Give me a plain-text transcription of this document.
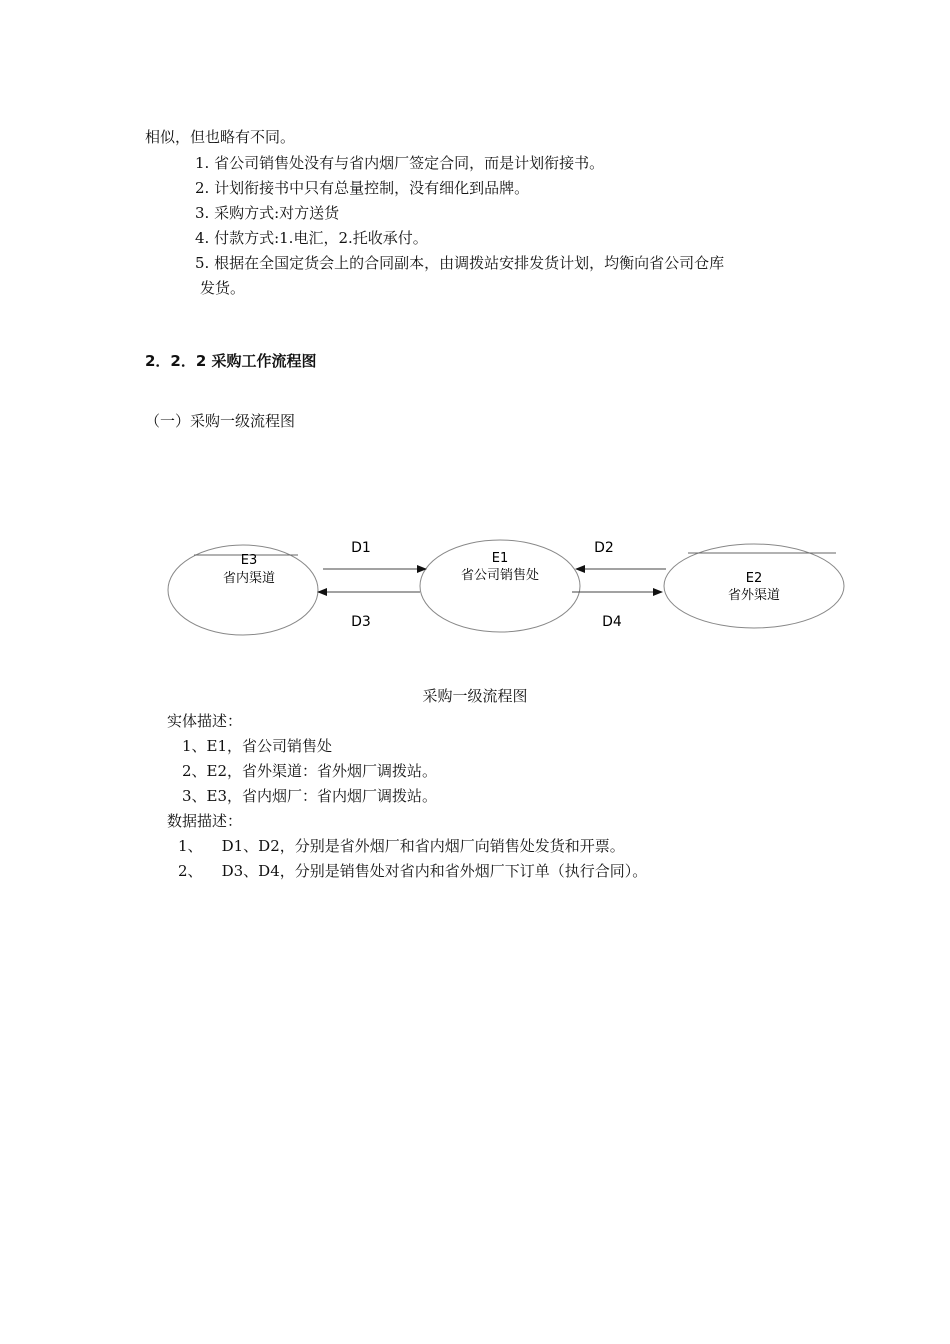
相似，但也略有不同。
1. 省公司销售处没有与省内烟厂签定合同，而是计划衔接书。
2. 计划衔接书中只有总量控制，没有细化到品牌。
3. 采购方式:对方送货
4. 付款方式:1.电汇，2.托收承付。
5. 根据在全国定货会上的合同副本，由调拨站安排发货计划，均衡向省公司仓库
发货。
2．2．2 采购工作流程图
（一）采购一级流程图
E3
省内渠道
E1
省公司销售处	E2
省外渠道
D1	D2
D3	D4
采购一级流程图
实体描述：
1、E1，省公司销售处
2、E2，省外渠道：省外烟厂调拨站。
3、E3，省内烟厂：省内烟厂调拨站。
数据描述：
1、    D1、D2，分别是省外烟厂和省内烟厂向销售处发货和开票。
2、    D3、D4，分别是销售处对省内和省外烟厂下订单（执行合同）。
